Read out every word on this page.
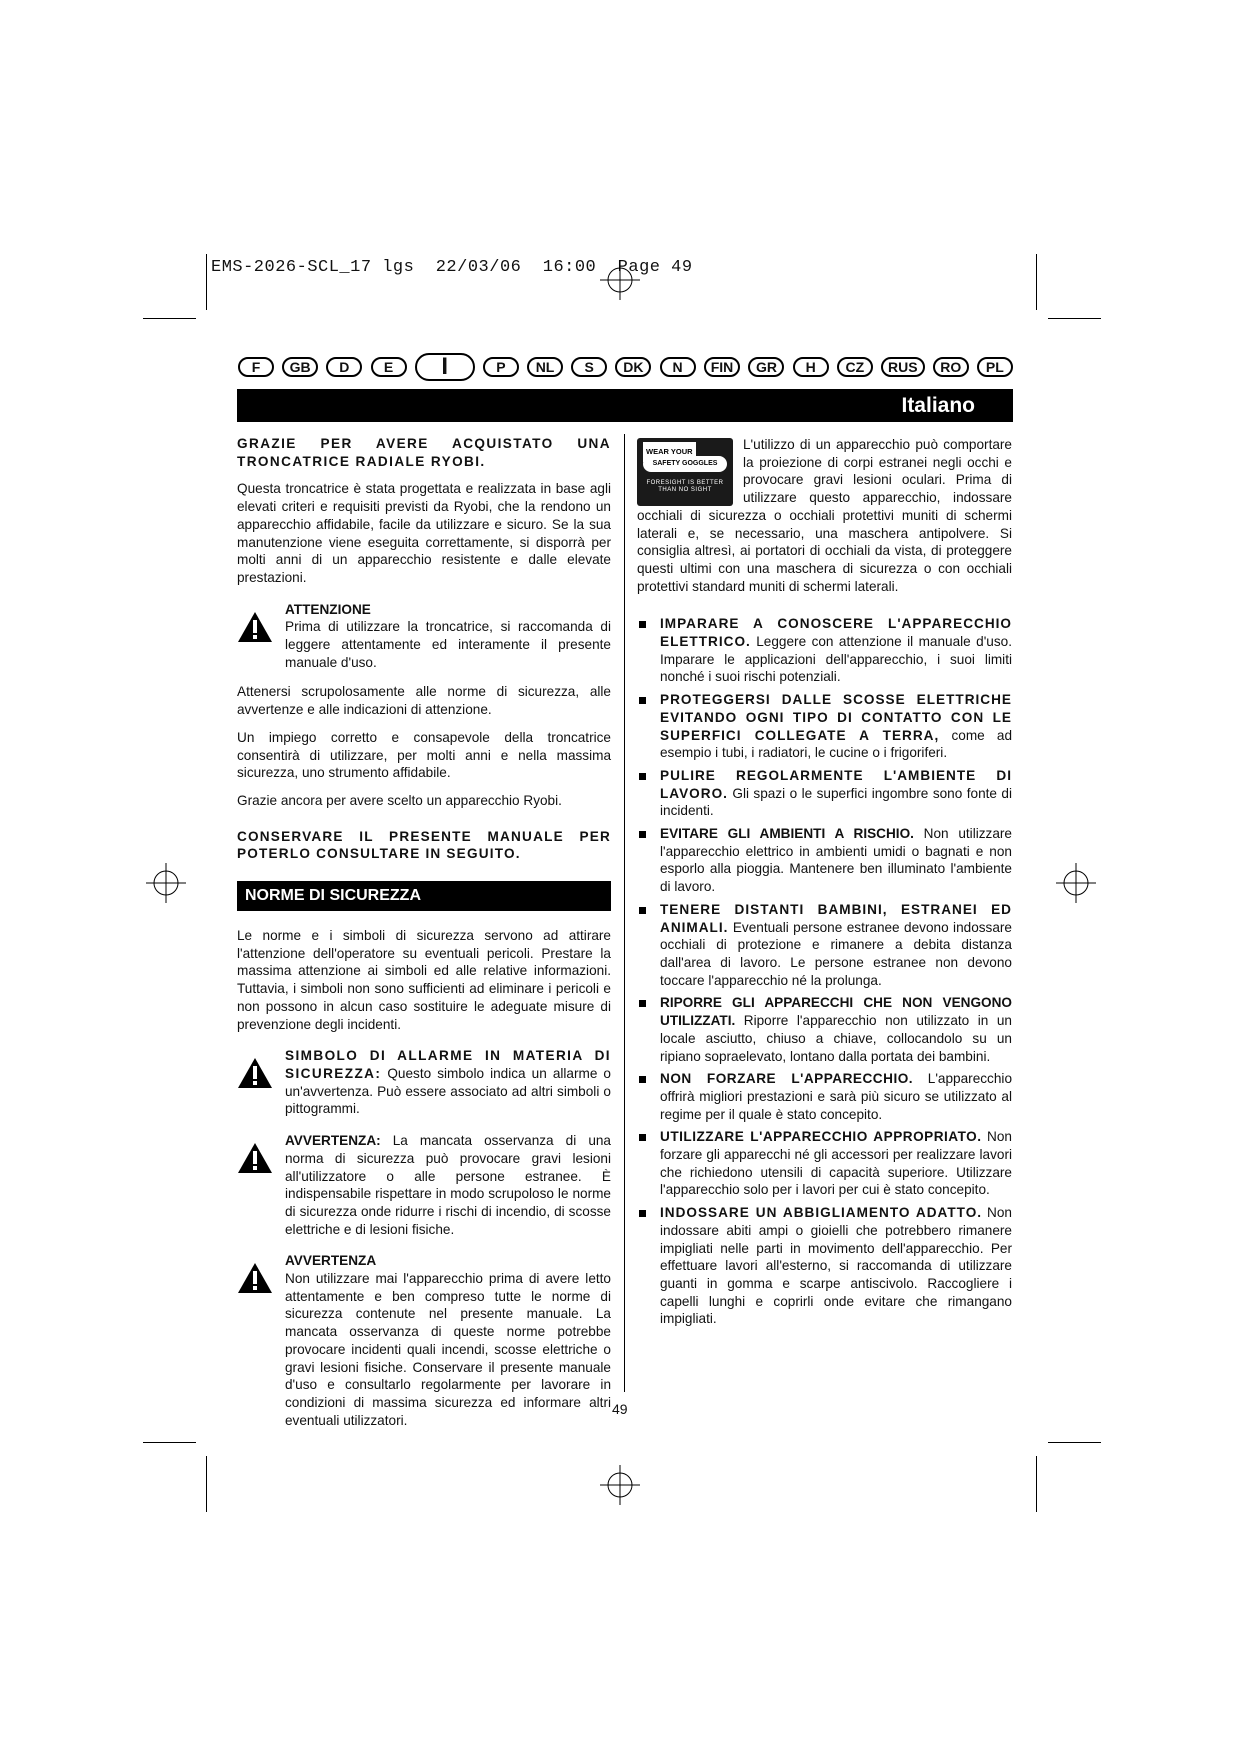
EMS-2026-SCL_17 lgs  22/03/06  16:00  Page 49
F	GB	D	E	I	P	NL	S	DK	N	FIN	GR	H	CZ	RUS	RO	PL
Italiano

GRAZIE PER AVERE ACQUISTATO UNA TRONCATRICE RADIALE RYOBI.

Questa troncatrice è stata progettata e realizzata in base agli elevati criteri e requisiti previsti da Ryobi, che la rendono un apparecchio affidabile, facile da utilizzare e sicuro. Se la sua manutenzione viene eseguita correttamente, si disporrà per molti anni di un apparecchio resistente e dalle elevate prestazioni.

ATTENZIONE
Prima di utilizzare la troncatrice, si raccomanda di leggere attentamente ed interamente il presente manuale d'uso.

Attenersi scrupolosamente alle norme di sicurezza, alle avvertenze e alle indicazioni di attenzione.

Un impiego corretto e consapevole della troncatrice consentirà di utilizzare, per molti anni e nella massima sicurezza, uno strumento affidabile.

Grazie ancora per avere scelto un apparecchio Ryobi.

CONSERVARE IL PRESENTE MANUALE PER POTERLO CONSULTARE IN SEGUITO.

NORME DI SICUREZZA

Le norme e i simboli di sicurezza servono ad attirare l'attenzione dell'operatore su eventuali pericoli. Prestare la massima attenzione ai simboli ed alle relative informazioni. Tuttavia, i simboli non sono sufficienti ad eliminare i pericoli e non possono in alcun caso sostituire le adeguate misure di prevenzione degli incidenti.

SIMBOLO DI ALLARME IN MATERIA DI SICUREZZA: Questo simbolo indica un allarme o un'avvertenza. Può essere associato ad altri simboli o pittogrammi.
AVVERTENZA: La mancata osservanza di una norma di sicurezza può provocare gravi lesioni all'utilizzatore o alle persone estranee. È indispensabile rispettare in modo scrupoloso le norme di sicurezza onde ridurre i rischi di incendio, di scosse elettriche e di lesioni fisiche.
AVVERTENZA
Non utilizzare mai l'apparecchio prima di avere letto attentamente e ben compreso tutte le norme di sicurezza contenute nel presente manuale. La mancata osservanza di queste norme potrebbe provocare incidenti quali incendi, scosse elettriche o gravi lesioni fisiche. Conservare il presente manuale d'uso e consultarlo regolarmente per lavorare in condizioni di massima sicurezza ed informare altri eventuali utilizzatori.
WEAR YOUR
SAFETY GOGGLES
FORESIGHT IS BETTER THAN NO SIGHT
L'utilizzo di un apparecchio può comportare la proiezione di corpi estranei negli occhi e provocare gravi lesioni oculari. Prima di utilizzare questo apparecchio, indossare occhiali di sicurezza o occhiali protettivi muniti di schermi laterali e, se necessario, una maschera antipolvere. Si consiglia altresì, ai portatori di occhiali da vista, di proteggere questi ultimi con una maschera di sicurezza o con occhiali protettivi standard muniti di schermi laterali.
IMPARARE A CONOSCERE L'APPARECCHIO ELETTRICO. Leggere con attenzione il manuale d'uso. Imparare le applicazioni dell'apparecchio, i suoi limiti nonché i suoi rischi potenziali.
PROTEGGERSI DALLE SCOSSE ELETTRICHE EVITANDO OGNI TIPO DI CONTATTO CON LE SUPERFICI COLLEGATE A TERRA, come ad esempio i tubi, i radiatori, le cucine o i frigoriferi.
PULIRE REGOLARMENTE L'AMBIENTE DI LAVORO. Gli spazi o le superfici ingombre sono fonte di incidenti.
EVITARE GLI AMBIENTI A RISCHIO. Non utilizzare l'apparecchio elettrico in ambienti umidi o bagnati e non esporlo alla pioggia. Mantenere ben illuminato l'ambiente di lavoro.
TENERE DISTANTI BAMBINI, ESTRANEI ED ANIMALI. Eventuali persone estranee devono indossare occhiali di protezione e rimanere a debita distanza dall'area di lavoro. Le persone estranee non devono toccare l'apparecchio né la prolunga.
RIPORRE GLI APPARECCHI CHE NON VENGONO UTILIZZATI. Riporre l'apparecchio non utilizzato in un locale asciutto, chiuso a chiave, collocandolo su un ripiano sopraelevato, lontano dalla portata dei bambini.
NON FORZARE L'APPARECCHIO. L'apparecchio offrirà migliori prestazioni e sarà più sicuro se utilizzato al regime per il quale è stato concepito.
UTILIZZARE L'APPARECCHIO APPROPRIATO. Non forzare gli apparecchi né gli accessori per realizzare lavori che richiedono utensili di capacità superiore. Utilizzare l'apparecchio solo per i lavori per cui è stato concepito.
INDOSSARE UN ABBIGLIAMENTO ADATTO. Non indossare abiti ampi o gioielli che potrebbero rimanere impigliati nelle parti in movimento dell'apparecchio. Per effettuare lavori all'esterno, si raccomanda di utilizzare guanti in gomma e scarpe antiscivolo. Raccogliere i capelli lunghi e coprirli onde evitare che rimangano impigliati.
49
